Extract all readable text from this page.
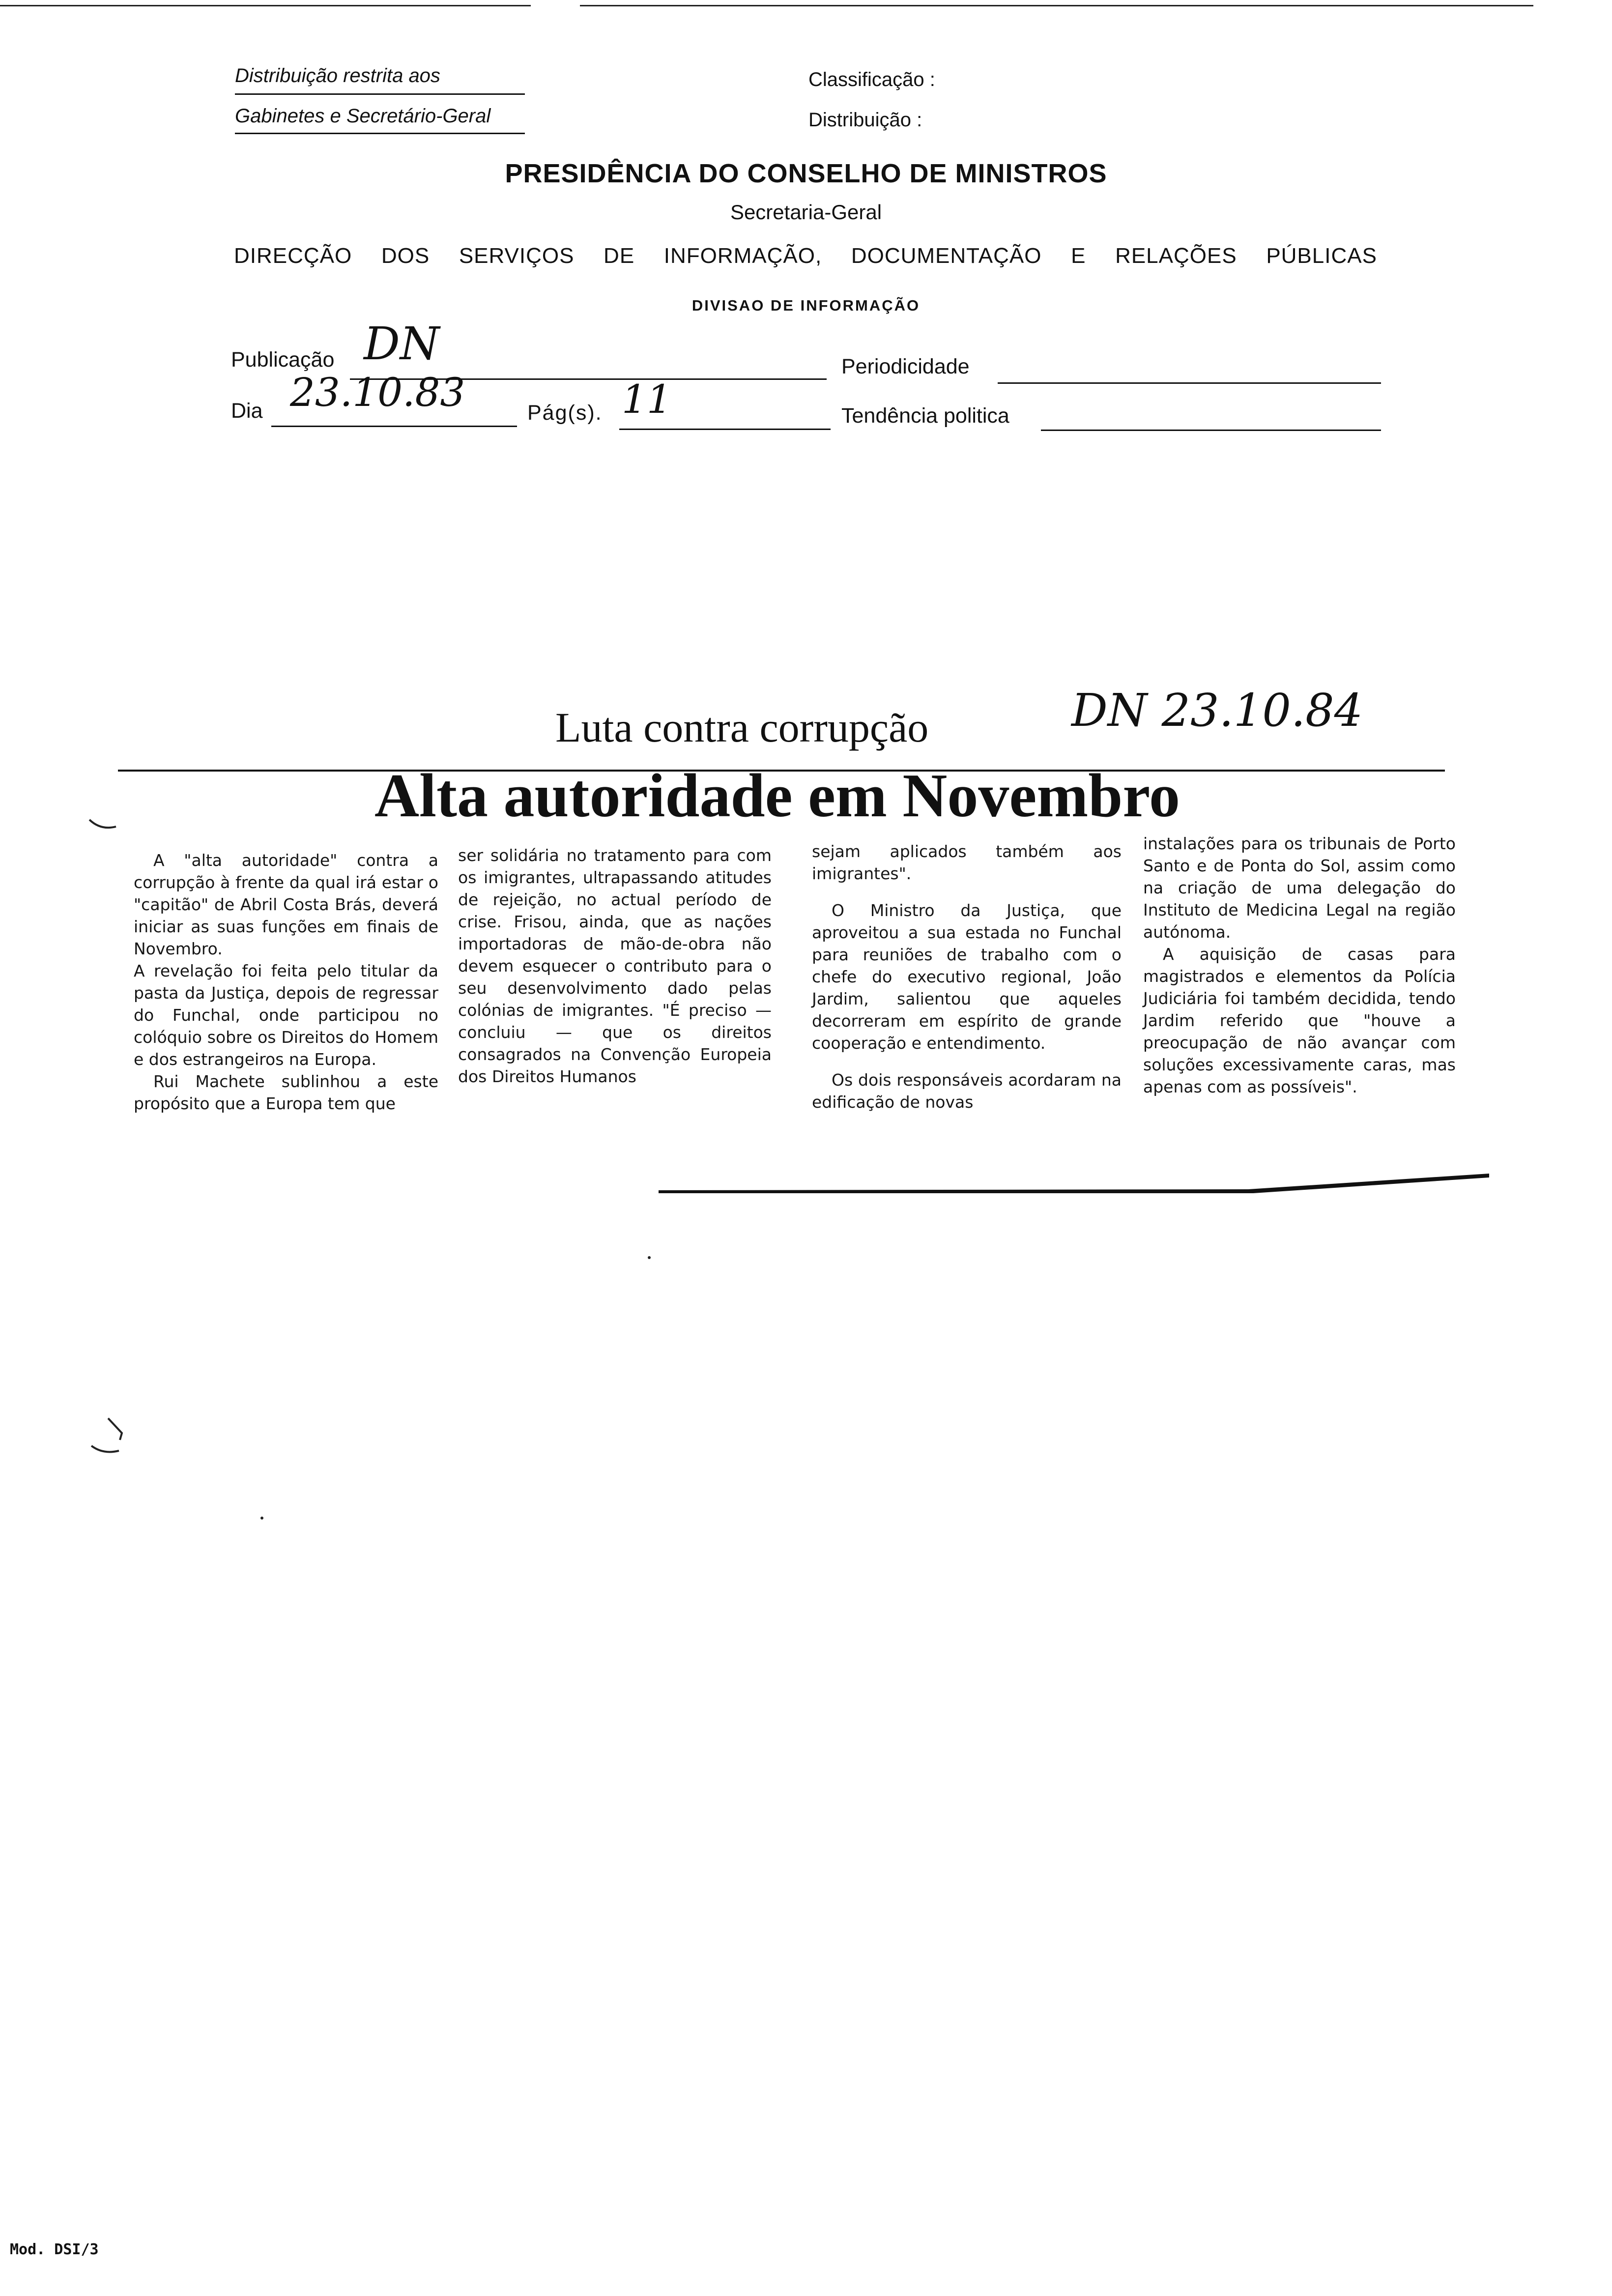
Distribuição restrita aos
Gabinetes e Secretário-Geral
Classificação :
Distribuição :
PRESIDÊNCIA DO CONSELHO DE MINISTROS
Secretaria-Geral
DIRECÇÃO DOS SERVIÇOS DE INFORMAÇÃO, DOCUMENTAÇÃO E RELAÇÕES PÚBLICAS
DIVISAO DE INFORMAÇÃO
Publicação DN	Periodicidade
Dia 23.10.83	Pág(s). 11	Tendência politica
Luta contra corrupção	DN 23.10.84
Alta autoridade em Novembro

A "alta autoridade" contra a corrupção à frente da qual irá estar o "capitão" de Abril Costa Brás, deverá iniciar as suas funções em finais de Novembro.

A revelação foi feita pelo titular da pasta da Justiça, depois de regressar do Funchal, onde participou no colóquio sobre os Direitos do Homem e dos estrangeiros na Europa.

Rui Machete sublinhou a este propósito que a Europa tem que

ser solidária no tratamento para com os imigrantes, ultrapassando atitudes de rejeição, no actual período de crise. Frisou, ainda, que as nações importadoras de mão-de-obra não devem esquecer o contributo para o seu desenvolvimento dado pelas colónias de imigrantes. "É preciso — concluiu — que os direitos consagrados na Convenção Europeia dos Direitos Humanos

sejam aplicados também aos imigrantes".

O Ministro da Justiça, que aproveitou a sua estada no Funchal para reuniões de trabalho com o chefe do executivo regional, João Jardim, salientou que aqueles decorreram em espírito de grande cooperação e entendimento.

Os dois responsáveis acordaram na edificação de novas

instalações para os tribunais de Porto Santo e de Ponta do Sol, assim como na criação de uma delegação do Instituto de Medicina Legal na região autónoma.

A aquisição de casas para magistrados e elementos da Polícia Judiciária foi também decidida, tendo Jardim referido que "houve a preocupação de não avançar com soluções excessivamente caras, mas apenas com as possíveis".

Mod. DSI/3
